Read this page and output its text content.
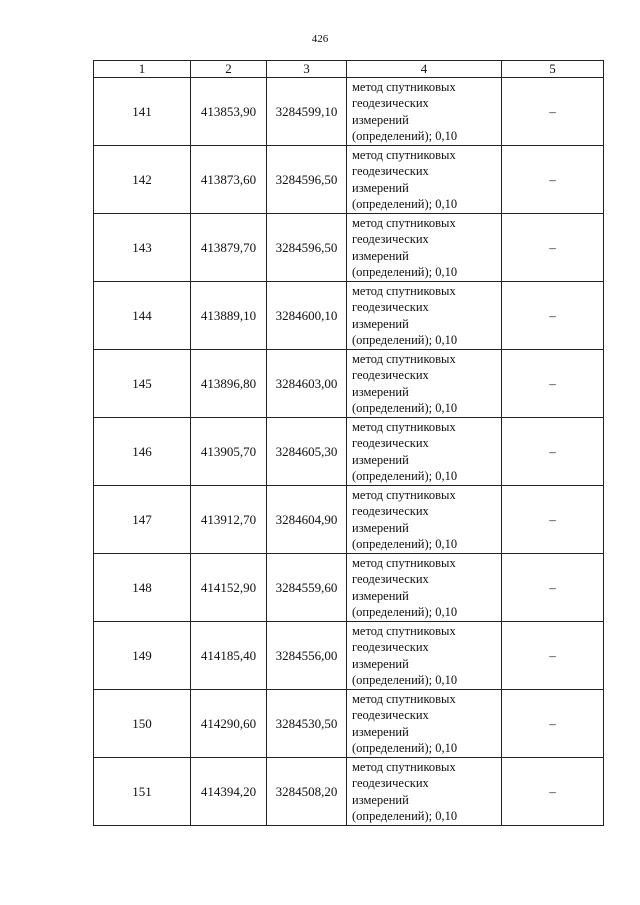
426
1	2	3	4	5
141	413853,90	3284599,10	метод спутниковых
геодезических
измерений
(определений); 0,10	–
142	413873,60	3284596,50	метод спутниковых
геодезических
измерений
(определений); 0,10	–
143	413879,70	3284596,50	метод спутниковых
геодезических
измерений
(определений); 0,10	–
144	413889,10	3284600,10	метод спутниковых
геодезических
измерений
(определений); 0,10	–
145	413896,80	3284603,00	метод спутниковых
геодезических
измерений
(определений); 0,10	–
146	413905,70	3284605,30	метод спутниковых
геодезических
измерений
(определений); 0,10	–
147	413912,70	3284604,90	метод спутниковых
геодезических
измерений
(определений); 0,10	–
148	414152,90	3284559,60	метод спутниковых
геодезических
измерений
(определений); 0,10	–
149	414185,40	3284556,00	метод спутниковых
геодезических
измерений
(определений); 0,10	–
150	414290,60	3284530,50	метод спутниковых
геодезических
измерений
(определений); 0,10	–
151	414394,20	3284508,20	метод спутниковых
геодезических
измерений
(определений); 0,10	–
